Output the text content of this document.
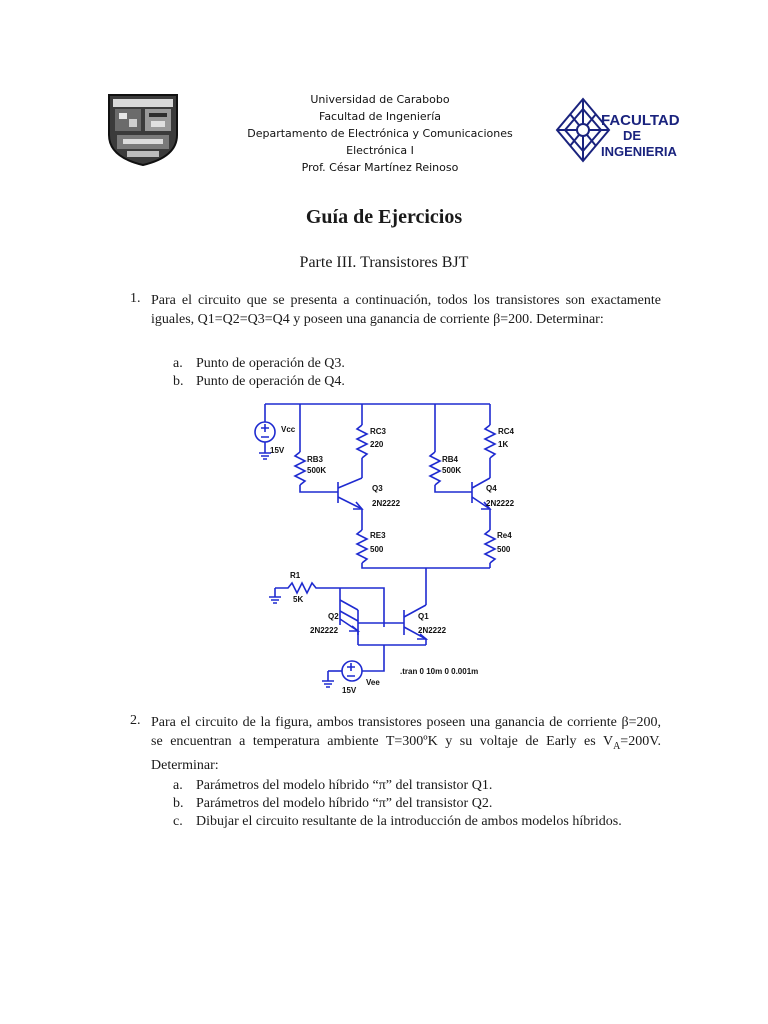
Universidad de Carabobo
Facultad de Ingeniería
Departamento de Electrónica y Comunicaciones
Electrónica I
Prof. César Martínez Reinoso
FACULTAD
DE
INGENIERIA
Guía de Ejercicios
Parte III. Transistores BJT
1. Para el circuito que se presenta a continuación, todos los transistores son exactamente iguales, Q1=Q2=Q3=Q4 y poseen una ganancia de corriente β=200. Determinar:
a. Punto de operación de Q3.
b. Punto de operación de Q4.
Vcc
15V
RB3
500K
RC3
220
Q3
2N2222
RE3
500
RB4
500K
RC4
1K
Q4
2N2222
Re4
500
R1
5K
Q2
2N2222
Q1
2N2222
Vee
15V
.tran 0 10m 0 0.001m
2. Para el circuito de la figura, ambos transistores poseen una ganancia de corriente β=200, se encuentran a temperatura ambiente T=300ºK y su voltaje de Early es $V_A=200V$. Determinar:
a. Parámetros del modelo híbrido “π” del transistor Q1.
b. Parámetros del modelo híbrido “π” del transistor Q2.
c. Dibujar el circuito resultante de la introducción de ambos modelos híbridos.
